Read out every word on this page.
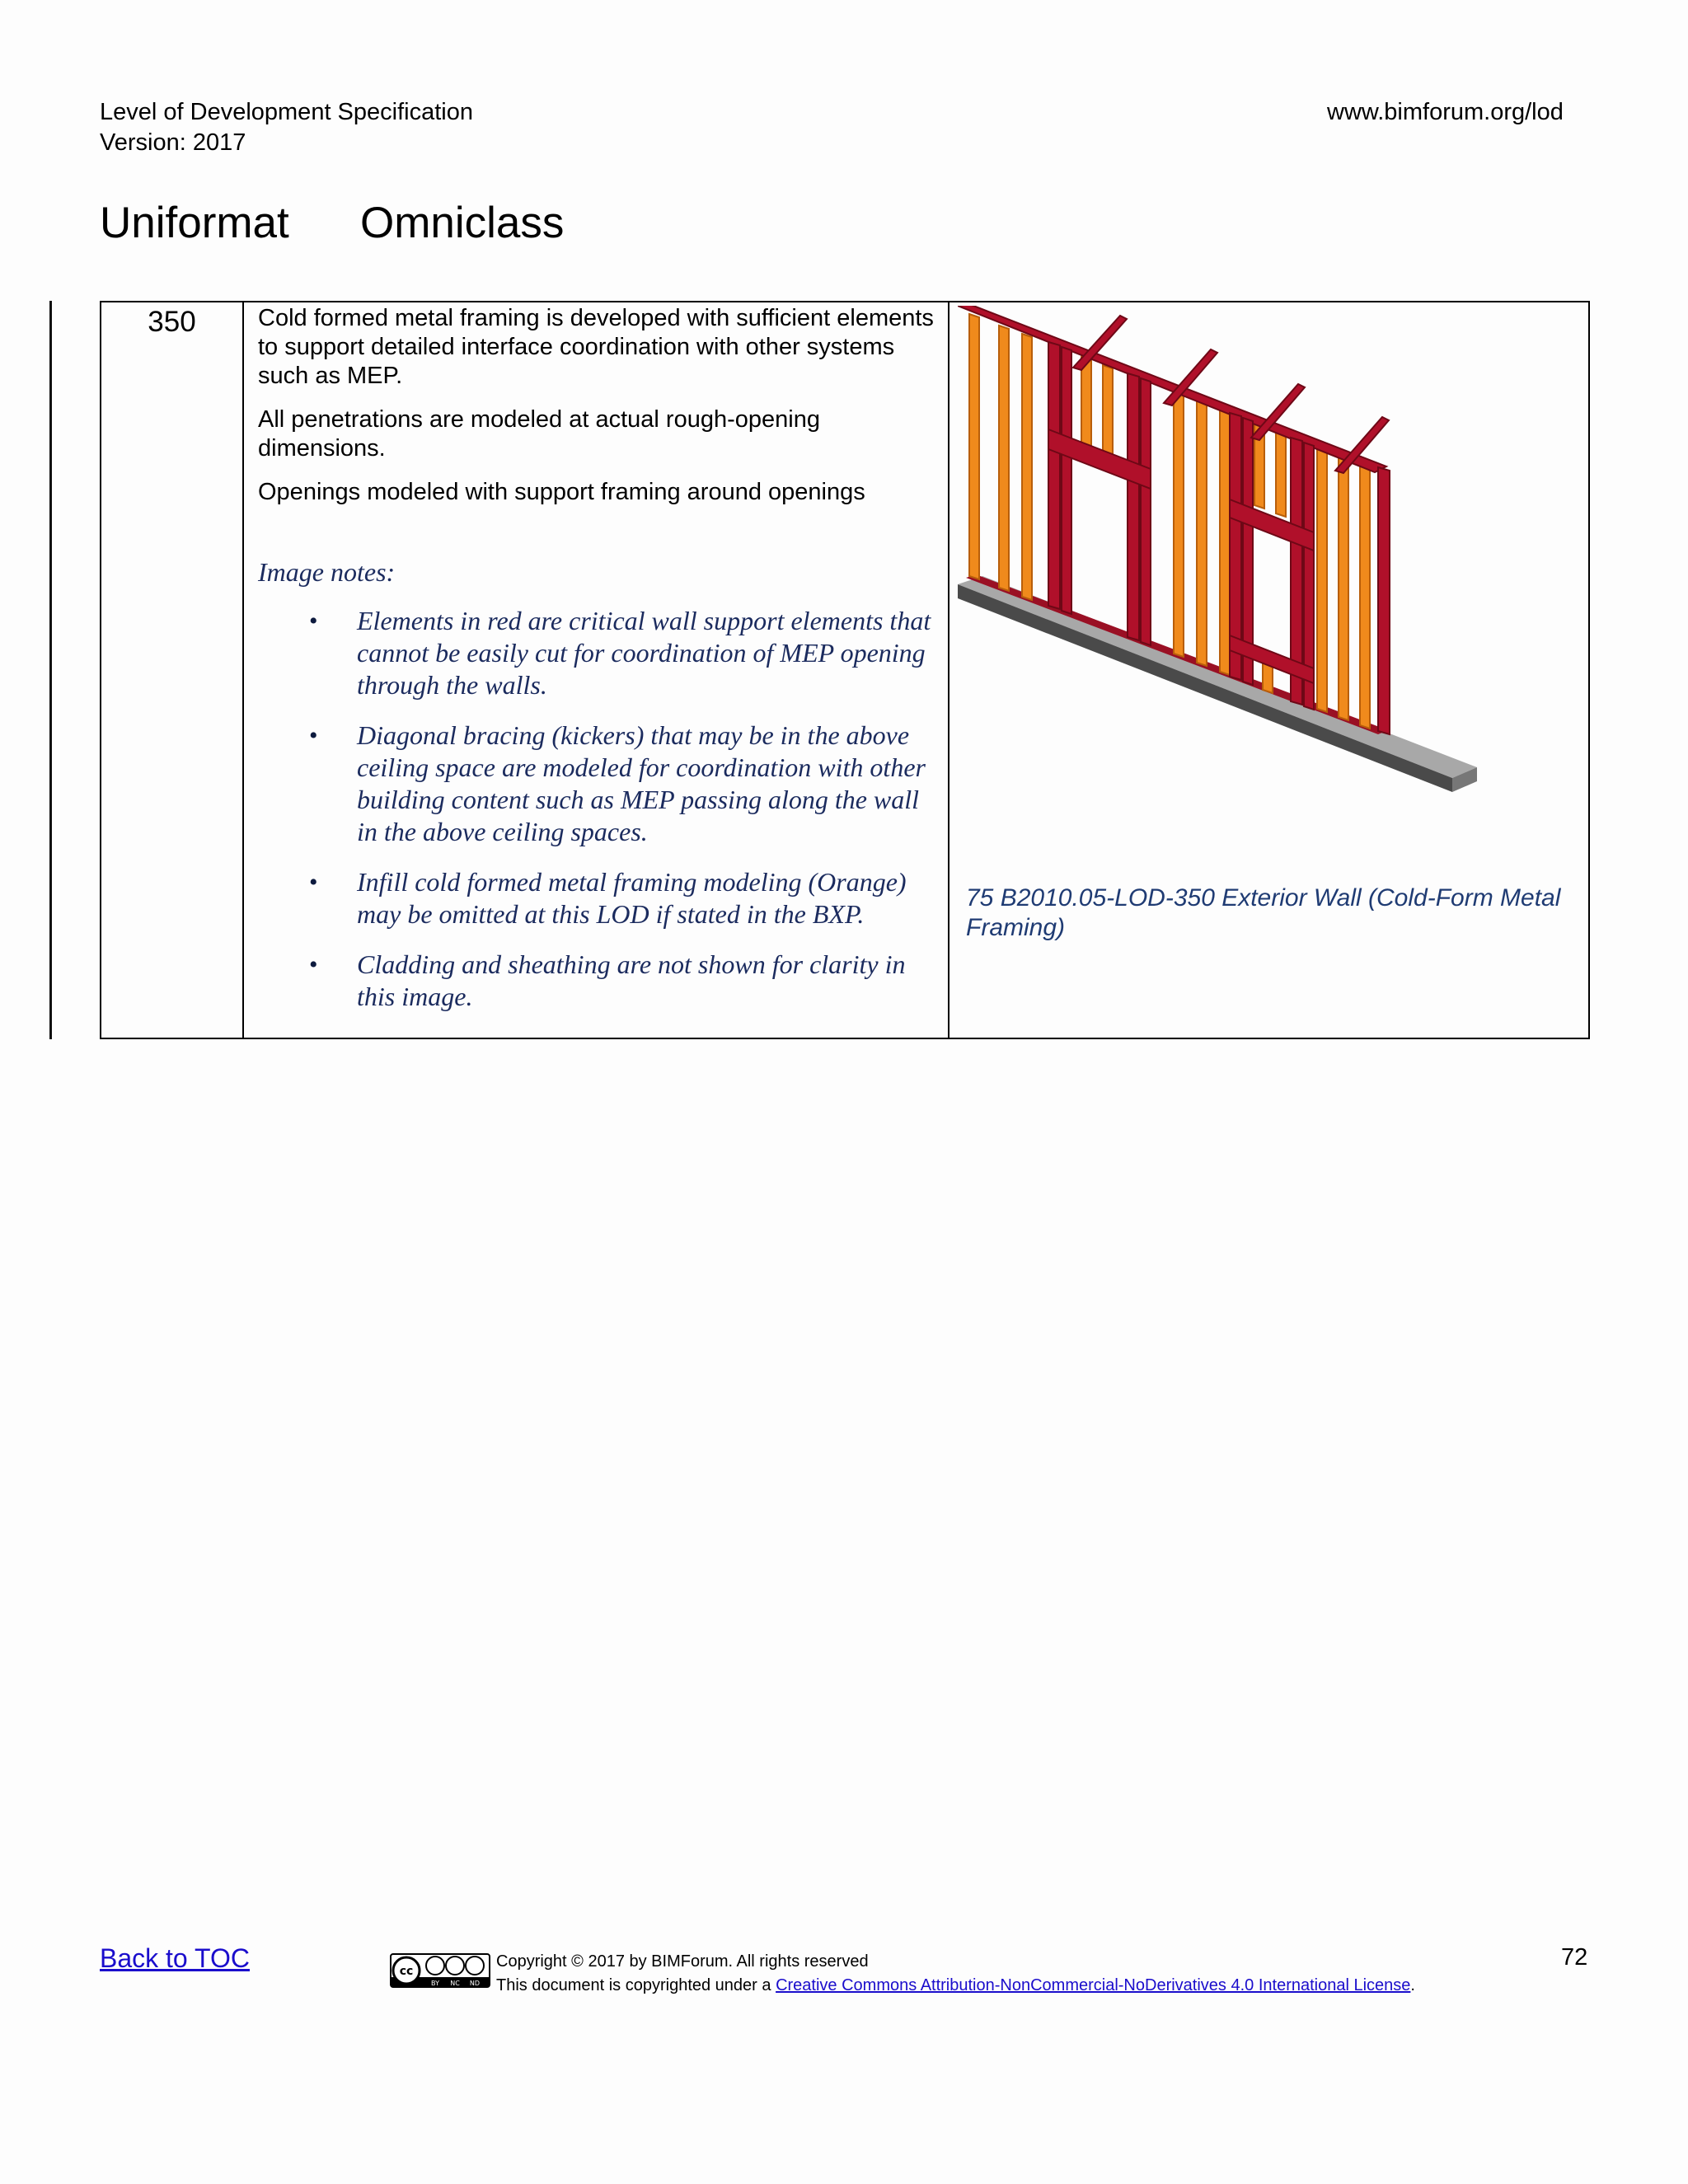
Level of Development Specification
Version: 2017
www.bimforum.org/lod
Uniformat	Omniclass
350	Cold formed metal framing is developed with sufficient elements to support detailed interface coordination with other systems such as MEP.

All penetrations are modeled at actual rough-opening dimensions.

Openings modeled with support framing around openings

Image notes:
• Elements in red are critical wall support elements that cannot be easily cut for coordination of MEP opening through the walls.
• Diagonal bracing (kickers) that may be in the above ceiling space are modeled for coordination with other building content such as MEP passing along the wall in the above ceiling spaces.
• Infill cold formed metal framing modeling (Orange) may be omitted at this LOD if stated in the BXP.
• Cladding and sheathing are not shown for clarity in this image.

75 B2010.05-LOD-350 Exterior Wall (Cold-Form Metal Framing)
Back to TOC	cc
BY NC ND
Copyright © 2017 by BIMForum. All rights reserved
This document is copyrighted under a Creative Commons Attribution-NonCommercial-NoDerivatives 4.0 International License.
72
